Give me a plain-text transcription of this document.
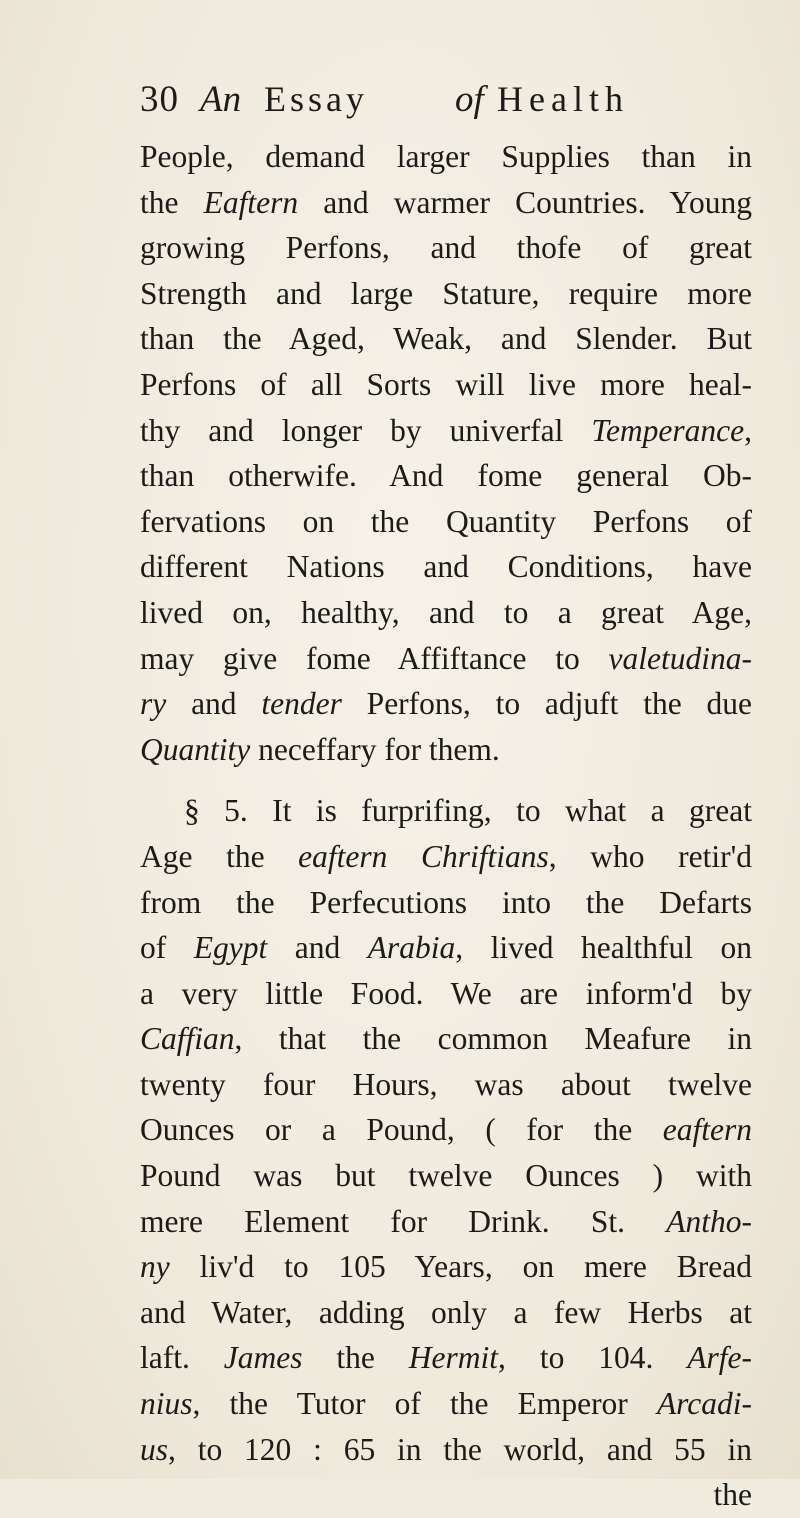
30 An Essay of Health
People, demand larger Supplies than in
the Eaftern and warmer Countries. Young
growing Perfons, and thofe of great
Strength and large Stature, require more
than the Aged, Weak, and Slender. But
Perfons of all Sorts will live more heal-
thy and longer by univerfal Temperance,
than otherwife. And fome general Ob-
fervations on the Quantity Perfons of
different Nations and Conditions, have
lived on, healthy, and to a great Age,
may give fome Affiftance to valetudina-
ry and tender Perfons, to adjuft the due
Quantity neceffary for them.
§ 5. It is furprifing, to what a great
Age the eaftern Chriftians, who retir'd
from the Perfecutions into the Defarts
of Egypt and Arabia, lived healthful on
a very little Food. We are inform'd by
Caffian, that the common Meafure in
twenty four Hours, was about twelve
Ounces or a Pound, ( for the eaftern
Pound was but twelve Ounces ) with
mere Element for Drink. St. Antho-
ny liv'd to 105 Years, on mere Bread
and Water, adding only a few Herbs at
laft. James the Hermit, to 104. Arfe-
nius, the Tutor of the Emperor Arcadi-
us, to 120 : 65 in the world, and 55 in
the
